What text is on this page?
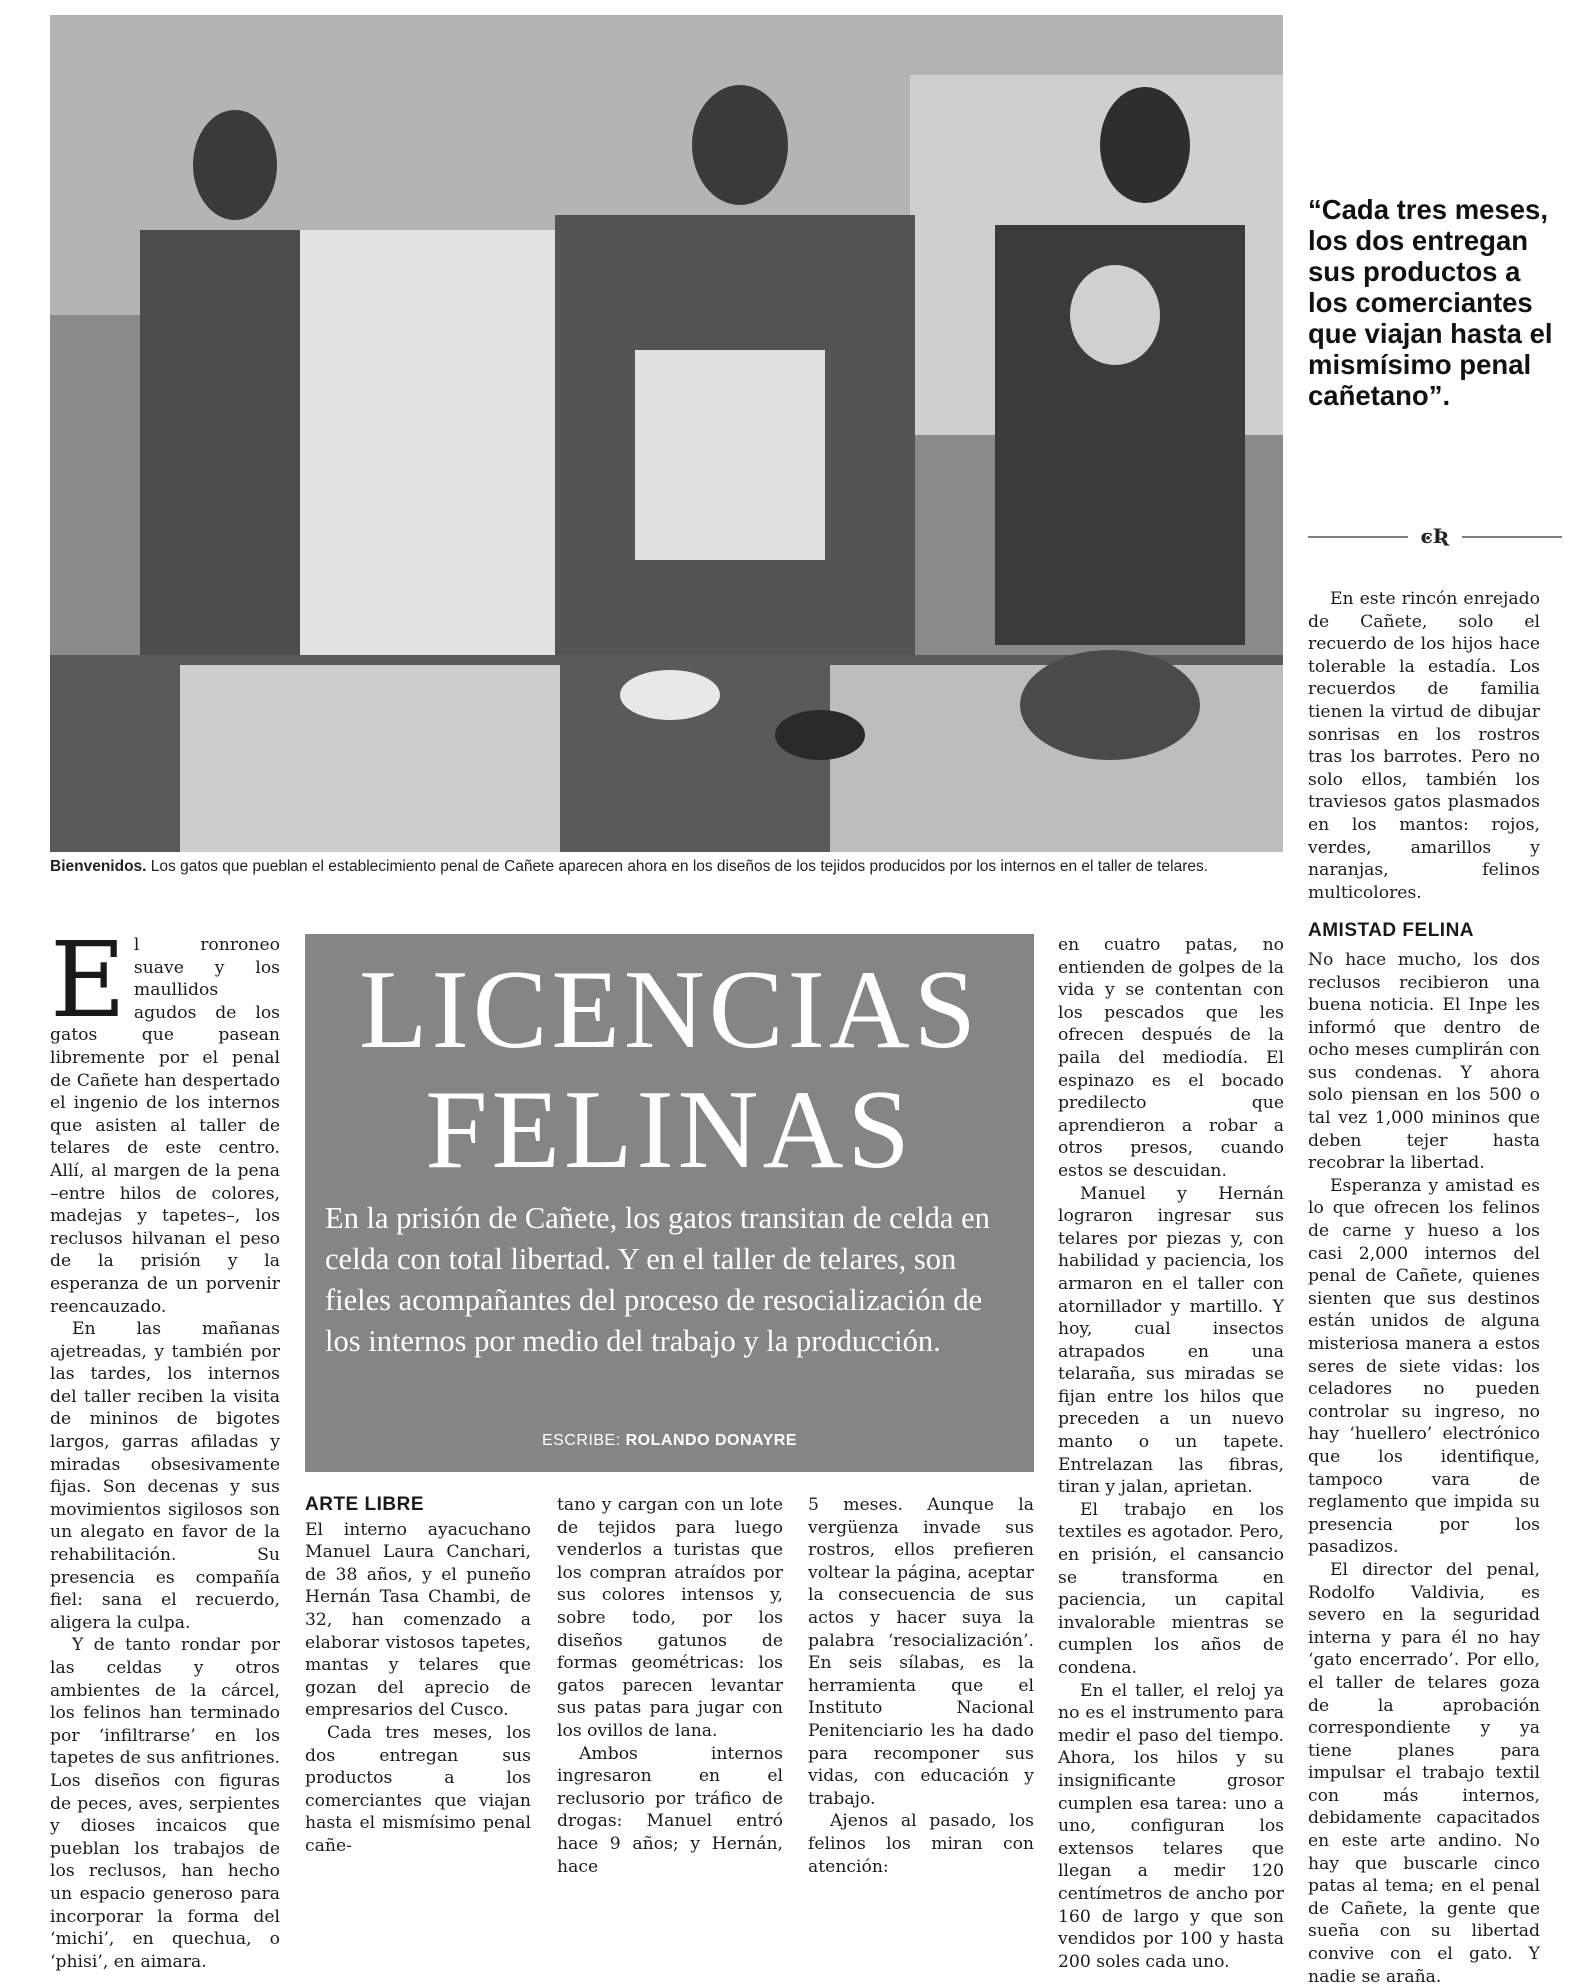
Bienvenidos. Los gatos que pueblan el establecimiento penal de Cañete aparecen ahora en los diseños de los tejidos producidos por los internos en el taller de telares.
“Cada tres meses, los dos entregan sus productos a los comerciantes que viajan hasta el mismísimo penal cañetano”.
ͼƦ

En este rincón enrejado de Cañete, solo el recuerdo de los hijos hace tolerable la estadía. Los recuerdos de familia tienen la virtud de dibujar sonrisas en los rostros tras los barrotes. Pero no solo ellos, también los traviesos gatos plasmados en los mantos: rojos, verdes, amarillos y naranjas, felinos multicolores.

AMISTAD FELINA

No hace mucho, los dos reclusos recibieron una buena noticia. El Inpe les informó que dentro de ocho meses cumplirán con sus condenas. Y ahora solo piensan en los 500 o tal vez 1,000 mininos que deben tejer hasta recobrar la libertad.

Esperanza y amistad es lo que ofrecen los felinos de carne y hueso a los casi 2,000 internos del penal de Cañete, quienes sienten que sus destinos están unidos de alguna misteriosa manera a estos seres de siete vidas: los celadores no pueden controlar su ingreso, no hay ‘huellero’ electrónico que los identifique, tampoco vara de reglamento que impida su presencia por los pasadizos.

El director del penal, Rodolfo Valdivia, es severo en la seguridad interna y para él no hay ‘gato encerrado’. Por ello, el taller de telares goza de la aprobación correspondiente y ya tiene planes para impulsar el trabajo textil con más internos, debidamente capacitados en este arte andino. No hay que buscarle cinco patas al tema; en el penal de Cañete, la gente que sueña con su libertad convive con el gato. Y nadie se araña.

El ronroneo suave y los maullidos agudos de los gatos que pasean libremente por el penal de Cañete han despertado el ingenio de los internos que asisten al taller de telares de este centro. Allí, al margen de la pena –entre hilos de colores, madejas y tapetes–, los reclusos hilvanan el peso de la prisión y la esperanza de un porvenir reencauzado.

En las mañanas ajetreadas, y también por las tardes, los internos del taller reciben la visita de mininos de bigotes largos, garras afiladas y miradas obsesivamente fijas. Son decenas y sus movimientos sigilosos son un alegato en favor de la rehabilitación. Su presencia es compañía fiel: sana el recuerdo, aligera la culpa.

Y de tanto rondar por las celdas y otros ambientes de la cárcel, los felinos han terminado por ‘infiltrarse’ en los tapetes de sus anfitriones. Los diseños con figuras de peces, aves, serpientes y dioses incaicos que pueblan los trabajos de los reclusos, han hecho un espacio generoso para incorporar la forma del ‘michi’, en quechua, o ‘phisi’, en aimara.

LICENCIAS
FELINAS
En la prisión de Cañete, los gatos transitan de celda en celda con total libertad. Y en el taller de telares, son fieles acompañantes del proceso de resocialización de los internos por medio del trabajo y la producción.
ESCRIBE: ROLANDO DONAYRE
ARTE LIBRE

El interno ayacuchano Manuel Laura Canchari, de 38 años, y el puneño Hernán Tasa Chambi, de 32, han comenzado a elaborar vistosos tapetes, mantas y telares que gozan del aprecio de empresarios del Cusco.

Cada tres meses, los dos entregan sus productos a los comerciantes que viajan hasta el mismísimo penal cañe-

tano y cargan con un lote de tejidos para luego venderlos a turistas que los compran atraídos por sus colores intensos y, sobre todo, por los diseños gatunos de formas geométricas: los gatos parecen levantar sus patas para jugar con los ovillos de lana.

Ambos internos ingresaron en el reclusorio por tráfico de drogas: Manuel entró hace 9 años; y Hernán, hace

5 meses. Aunque la vergüenza invade sus rostros, ellos prefieren voltear la página, aceptar la consecuencia de sus actos y hacer suya la palabra ‘resocialización’. En seis sílabas, es la herramienta que el Instituto Nacional Penitenciario les ha dado para recomponer sus vidas, con educación y trabajo.

Ajenos al pasado, los felinos los miran con atención:

en cuatro patas, no entienden de golpes de la vida y se contentan con los pescados que les ofrecen después de la paila del mediodía. El espinazo es el bocado predilecto que aprendieron a robar a otros presos, cuando estos se descuidan.

Manuel y Hernán lograron ingresar sus telares por piezas y, con habilidad y paciencia, los armaron en el taller con atornillador y martillo. Y hoy, cual insectos atrapados en una telaraña, sus miradas se fijan entre los hilos que preceden a un nuevo manto o un tapete. Entrelazan las fibras, tiran y jalan, aprietan.

El trabajo en los textiles es agotador. Pero, en prisión, el cansancio se transforma en paciencia, un capital invalorable mientras se cumplen los años de condena.

En el taller, el reloj ya no es el instrumento para medir el paso del tiempo. Ahora, los hilos y su insignificante grosor cumplen esa tarea: uno a uno, configuran los extensos telares que llegan a medir 120 centímetros de ancho por 160 de largo y que son vendidos por 100 y hasta 200 soles cada uno.
